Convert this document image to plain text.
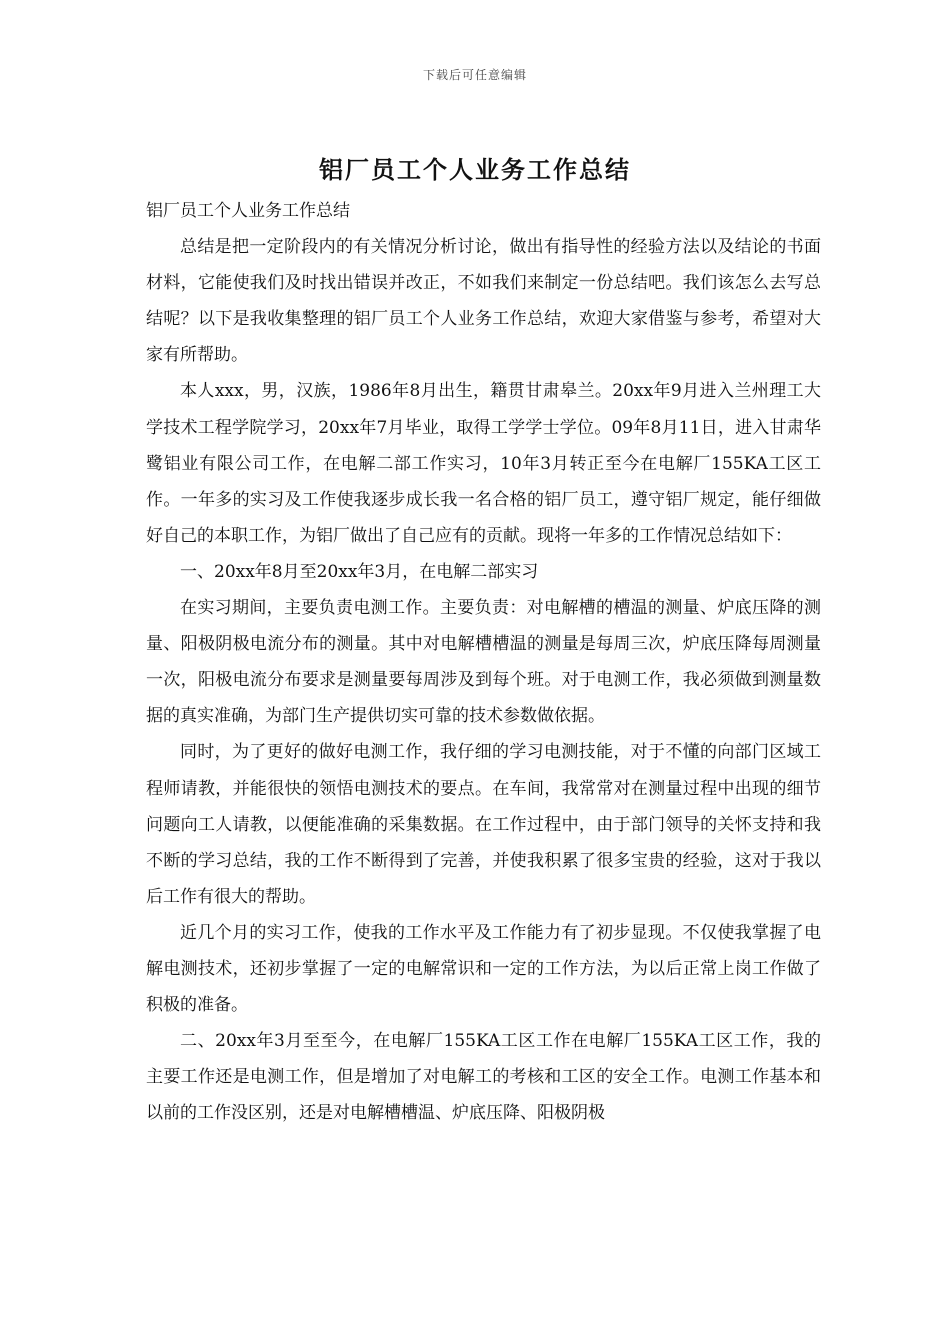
下载后可任意编辑
铝厂员工个人业务工作总结

铝厂员工个人业务工作总结

总结是把一定阶段内的有关情况分析讨论，做出有指导性的经验方法以及结论的书面材料，它能使我们及时找出错误并改正，不如我们来制定一份总结吧。我们该怎么去写总结呢？以下是我收集整理的铝厂员工个人业务工作总结，欢迎大家借鉴与参考，希望对大家有所帮助。

本人xxx，男，汉族，1986年8月出生，籍贯甘肃皋兰。20xx年9月进入兰州理工大学技术工程学院学习，20xx年7月毕业，取得工学学士学位。09年8月11日，进入甘肃华鹭铝业有限公司工作，在电解二部工作实习，10年3月转正至今在电解厂155KA工区工作。一年多的实习及工作使我逐步成长我一名合格的铝厂员工，遵守铝厂规定，能仔细做好自己的本职工作，为铝厂做出了自己应有的贡献。现将一年多的工作情况总结如下：

一、20xx年8月至20xx年3月，在电解二部实习

在实习期间，主要负责电测工作。主要负责：对电解槽的槽温的测量、炉底压降的测量、阳极阴极电流分布的测量。其中对电解槽槽温的测量是每周三次，炉底压降每周测量一次，阳极电流分布要求是测量要每周涉及到每个班。对于电测工作，我必须做到测量数据的真实准确，为部门生产提供切实可靠的技术参数做依据。

同时，为了更好的做好电测工作，我仔细的学习电测技能，对于不懂的向部门区域工程师请教，并能很快的领悟电测技术的要点。在车间，我常常对在测量过程中出现的细节问题向工人请教，以便能准确的采集数据。在工作过程中，由于部门领导的关怀支持和我不断的学习总结，我的工作不断得到了完善，并使我积累了很多宝贵的经验，这对于我以后工作有很大的帮助。

近几个月的实习工作，使我的工作水平及工作能力有了初步显现。不仅使我掌握了电解电测技术，还初步掌握了一定的电解常识和一定的工作方法，为以后正常上岗工作做了积极的准备。

二、20xx年3月至至今，在电解厂155KA工区工作在电解厂155KA工区工作，我的主要工作还是电测工作，但是增加了对电解工的考核和工区的安全工作。电测工作基本和以前的工作没区别，还是对电解槽槽温、炉底压降、阳极阴极
